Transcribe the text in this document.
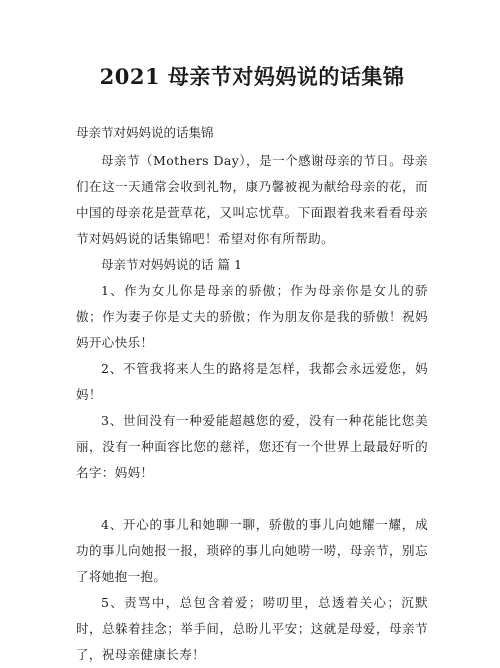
2021 母亲节对妈妈说的话集锦

母亲节对妈妈说的话集锦

母亲节（Mothers Day），是一个感谢母亲的节日。母亲们在这一天通常会收到礼物，康乃馨被视为献给母亲的花，而中国的母亲花是萱草花，又叫忘忧草。下面跟着我来看看母亲节对妈妈说的话集锦吧！希望对你有所帮助。

母亲节对妈妈说的话 篇 1

1、作为女儿你是母亲的骄傲；作为母亲你是女儿的骄傲；作为妻子你是丈夫的骄傲；作为朋友你是我的骄傲！祝妈妈开心快乐！

2、不管我将来人生的路将是怎样，我都会永远爱您，妈妈！

3、世间没有一种爱能超越您的爱，没有一种花能比您美丽，没有一种面容比您的慈祥，您还有一个世界上最最好听的名字：妈妈！

4、开心的事儿和她聊一聊，骄傲的事儿向她耀一耀，成功的事儿向她报一报，琐碎的事儿向她唠一唠，母亲节，别忘了将她抱一抱。

5、责骂中，总包含着爱；唠叨里，总透着关心；沉默时，总躲着挂念；举手间，总盼儿平安；这就是母爱，母亲节了，祝母亲健康长寿！
